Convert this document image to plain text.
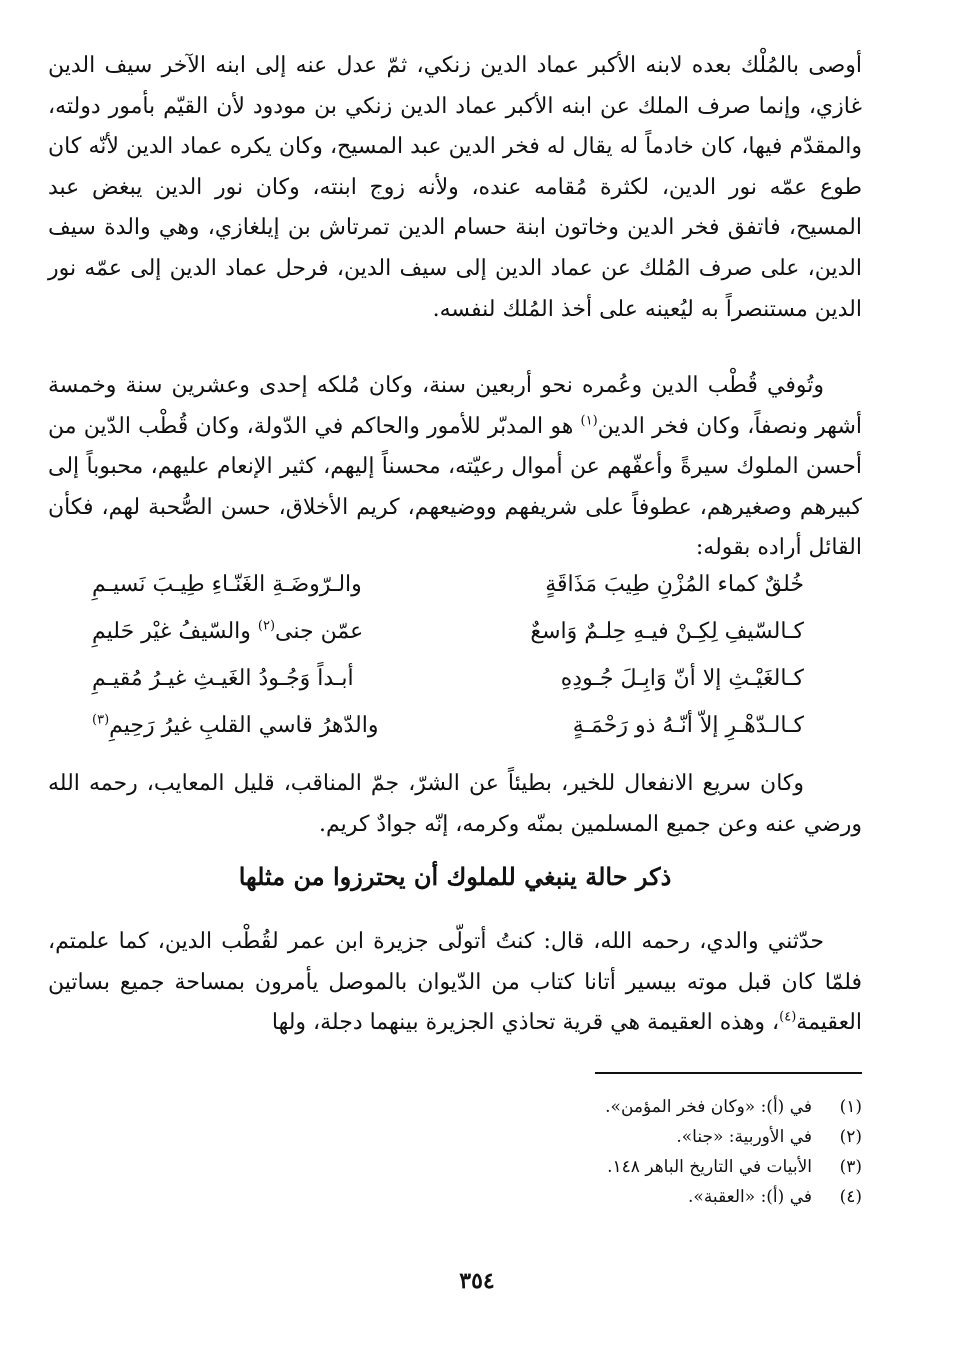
أوصى بالمُلْك بعده لابنه الأكبر عماد الدين زنكي، ثمّ عدل عنه إلى ابنه الآخر سيف الدين غازي، وإنما صرف الملك عن ابنه الأكبر عماد الدين زنكي بن مودود لأن القيّم بأمور دولته، والمقدّم فيها، كان خادماً له يقال له فخر الدين عبد المسيح، وكان يكره عماد الدين لأنّه كان طوع عمّه نور الدين، لكثرة مُقامه عنده، ولأنه زوج ابنته، وكان نور الدين يبغض عبد المسيح، فاتفق فخر الدين وخاتون ابنة حسام الدين تمرتاش بن إيلغازي، وهي والدة سيف الدين، على صرف المُلك عن عماد الدين إلى سيف الدين، فرحل عماد الدين إلى عمّه نور الدين مستنصراً به ليُعينه على أخذ المُلك لنفسه.

وتُوفي قُطْب الدين وعُمره نحو أربعين سنة، وكان مُلكه إحدى وعشرين سنة وخمسة أشهر ونصفاً، وكان فخر الدين$^{(١)}$ هو المدبّر للأمور والحاكم في الدّولة، وكان قُطْب الدّين من أحسن الملوك سيرةً وأعفّهم عن أموال رعيّته، محسناً إليهم، كثير الإنعام عليهم، محبوباً إلى كبيرهم وصغيرهم، عطوفاً على شريفهم ووضيعهم، كريم الأخلاق، حسن الصُّحبة لهم، فكأن القائل أراده بقوله:

خُلقٌ كماء المُزْنِ طِيبَ مَذَاقَةٍ
والـرّوضَـةِ الغَنّـاءِ طِيـبَ نَسيـمِ
كـالسّيفِ لِكِـنْ فيـهِ حِلـمٌ وَاسعٌ
عمّن جنى$^{(٢)}$ والسّيفُ غيْر حَليمِ
كـالغَيْـثِ إلا أنّ وَابِـلَ جُـودِهِ
أبـداً وَجُـودُ الغَيـثِ غيـرُ مُقيـمِ
كـالـدّهْـرِ إلاّ أنّـهُ ذو رَحْمَـةٍ
والدّهرُ قاسي القلبِ غيرُ رَحِيمِ$^{(٣)}$

وكان سريع الانفعال للخير، بطيئاً عن الشرّ، جمّ المناقب، قليل المعايب، رحمه الله ورضي عنه وعن جميع المسلمين بمنّه وكرمه، إنّه جوادٌ كريم.

ذكر حالة ينبغي للملوك أن يحترزوا من مثلها

حدّثني والدي، رحمه الله، قال: كنتُ أتولّى جزيرة ابن عمر لقُطْب الدين، كما علمتم، فلمّا كان قبل موته بيسير أتانا كتاب من الدّيوان بالموصل يأمرون بمساحة جميع بساتين العقيمة$^{(٤)}$، وهذه العقيمة هي قرية تحاذي الجزيرة بينهما دجلة، ولها

(١)في (أ): «وكان فخر المؤمن».
(٢)في الأوربية: «جنا».
(٣)الأبيات في التاريخ الباهر ١٤٨.
(٤)في (أ): «العقبة».
٣٥٤
